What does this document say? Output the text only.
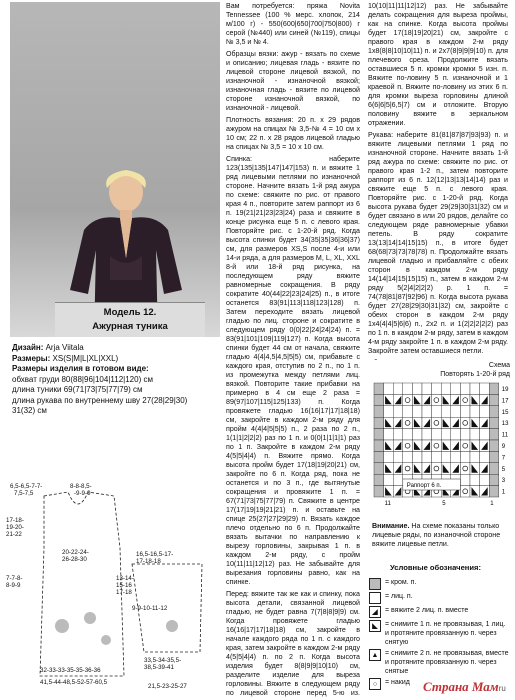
Модель 12.
Ажурная туника
Дизайн: Arja Viitala
Размеры: XS(S|M|L|XL|XXL)
Размеры изделия в готовом виде:
обхват груди 80(88|96|104|112|120) см
длина туники 69(71|73|75|77|79) см
длина рукава по внутреннему шву 27(28|29|30)
31(32) см

Вам потребуется: пряжа Novita Tennessee (100 % мерс. хлопок, 214 м/100 г) - 550(600|650|700|750|800) г серой (№440) или синей (№119), спицы № 3,5 и № 4.

Образцы вязки: ажур - вязать по схеме и описанию; лицевая гладь - вязите по лицевой стороне лицевой вязкой, по изнаночной - изнаночной вязкой; изнаночная гладь - вязите по лицевой стороне изнаночной вязкой, по изнаночной - лицевой.

Плотность вязания: 20 п. х 29 рядов ажуром на спицах № 3,5-№ 4 = 10 см х 10 см; 22 п. х 28 рядов лицевой гладью на спицах № 3,5 = 10 х 10 см.

Спинка: наберите 123(135|135|147|147|153) п. и вяжите 1 ряд лицевыми петлями по изнаночной стороне. Начните вязать 1-й ряд ажура по схеме: свяжите по рис. от правого края 4 п., повторите затем раппорт из 6 п. 19(21|21|23|23|24) раза и свяжите в конце рисунка еще 5 п. с левого края. Повторяйте рис. с 1-20-й ряд. Когда высота спинки будет 34(35|35|36|36|37) см, для размеров XS,S после 4-и или 14-и ряда, а для размеров M, L, XL, XXL 8-й или 18-й ряд рисунка, на последующем ряду вяжите равномерные сокращения. В ряду сократите 40(44|22|23|24|25) п., в итоге останется 83(91|113|118|123|128) п. Затем переходите вязать лицевой гладью по лиц. стороне и сократите в следующем ряду 0(0|22|24|24|24) п. = 83(91|101|109|119|127) п. Когда высота спинки будет 44 см от начала, свяжите гладью 4(4|4,5|4,5|5|5) см, прибавьте с каждого края, отступив по 2 п., по 1 п. из промежутка между петлями лиц. вязкой. Повторите такие прибавки на примерно в 4 см еще 2 раза = 89(97|107|115|125|133) п. Когда провяжете гладью 16(16|17|17|18|18) см, закройте в каждом 2-м ряду для пройм 4(4|4|5|5|5) п., 2 раза по 2 п., 1(1|1|2|2|2) раз по 1 п. и 0(0|1|1|1|1) раз по 1 п. Закройте в каждом 2-м ряду 4(5|5|4|4) п. Вяжите прямо. Когда высота пройм будет 17(18|19|20|21) см, закройте по 6 п. Когда ряд, пока не останется и по 3 п., где вытянутые сокращения и провяжите 1 п. = 67(71|73|75|77|79) п. Свяжите в центре 17(17|19|19|21|21) п. и оставьте на спице 25(27|27|29|29) п. Вязать каждое плечо отдельно по 6 п. Продолжайте вязать вытачки по направлению к вырезу горловины, закрывая 1 п. в каждом 2-м ряду, с пройм 10(11|11|12|12) раз. Не забывайте для вырезания горловины равно, как на спинке.

Перед: вяжите так же как и спинку, пока высота детали, связанной лицевой гладью, не будет равна 7(7|8|8|9|9) см. Когда провяжете гладью 16(16|17|17|18|18) см, закройте в начале каждого ряда по 1 п. с каждого края, затем закройте в каждом 2-м ряду 4(5|5|4|4) п. по 2 п. Когда высота изделия будет 8(8|9|9|10|10) см, разделите изделие для выреза горловины. Вяжите в следующем ряду по лицевой стороне перед 5-ю из.

10(10|11|11|12|12) раз. Не забывайте делать сокращения для выреза проймы, как на спинке. Когда высота проймы будет 17(18|19|20|21) см, закройте с правого края в каждом 2-м ряду 1х8(8|8|10|10|11) п. и 2х7(8|9|9|9|10) п. для плечевого среза. Продолжите вязать оставшиеся 5 п. кромки кромки 5 изн. п. Вяжите по-ловину 5 п. изнаночной и 1 краевой п. Вяжите по-ловину из этих 6 п. для кромки выреза горловины длиной 6(6|6|5|6,5|7) см и отложите. Вторую половину вяжите в зеркальном отражении.

Рукава: наберите 81(81|87|87|93|93) п. и вяжите лицевыми петлями 1 ряд по изнаночной стороне. Начните вязать 1-й ряд ажура по схеме: свяжите по рис. от правого края 1-2 п., затем повторите раппорт из 6 п. 12(12|13|13|14|14) раз и свяжите еще 5 п. с левого края. Повторяйте рис. с 1-20-й ряд. Когда высота рукава будет 29(29|30|31|32) см и будет связано в или 20 рядов, делайте со следующем ряде равномерные убавки петель. В ряду сократите 13(13|14|14|15|15) п., в итоге будет 68(68|73|73|78|78) п. Продолжайте вязать лицевой гладью и прибавляйте с обеих сторон в каждом 2-м ряду 14(14|14|15|15|15) п., затем в каждом 2-м ряду 5(2|4|2|2|2) р. 1 п. = 74(78|81|87|92|96) п. Когда высота рукава будет 27(28|29|30|31|32) см, закройте с обеих сторон в каждом 2-м ряду 1х4(4|4|5|6|6) п., 2х2 п. и 1(2|2|2|2|2) раз по 1 п. в каждом 2-м ряду, затем в каждом 4-м ряду закройте 1 п. в каждом 2-м ряду. Закройте затем оставшиеся петли.

Схема
Повторять 1-20-й ряд
19
17
15
13
11
9
7
5
3
1
Раппорт 6 п.
11	5	1
Внимание. На схеме показаны только лицевые ряды, по изнаночной стороне вяжите лицевые петли.
Условные обозначения:
= кром. п.
= лиц. п.
◢	= вяжите 2 лиц. п. вместе
◣	= снимите 1 п. не провязывая, 1 лиц. и протяните провязанную п. через снятую
▲ = снимите 2 п. не провязывая, вместе и протяните провязанную п. через снятые
○	= накид
6,5-6,5-7-7-
7,5-7,5
8-8-8,5-
-9-9-9
17-18-
19-20-
21-22
20-22-24-
26-28-30
7-7-8-
8-9-9
16,5-16,5-17-
17-18-18
13-14-
15-16
17-18
9-9-10-11-12
32-33-33-35-35-36-36
41,5-44-48,5-52-57-60,5
33,5-34-35,5-
38,5-39-41
21,5-23-25-27	Страна Мамru
